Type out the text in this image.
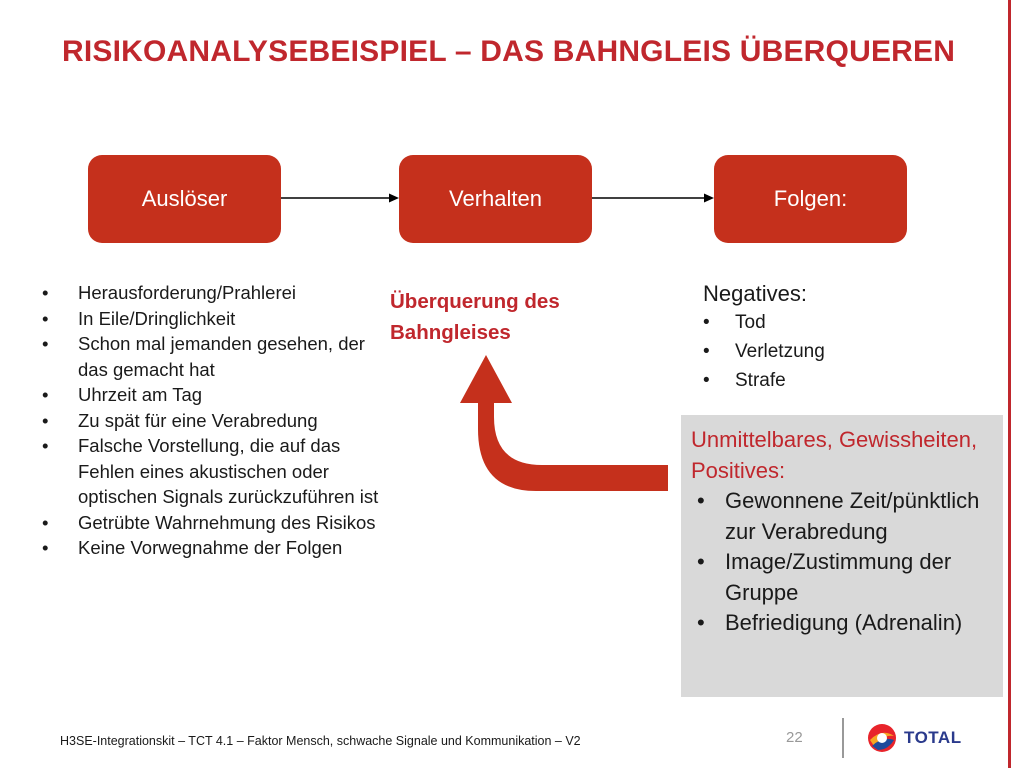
RISIKOANALYSEBEISPIEL – DAS BAHNGLEIS ÜBERQUEREN
Auslöser	Verhalten	Folgen:
• Herausforderung/Prahlerei
• In Eile/Dringlichkeit
• Schon mal jemanden gesehen, der das gemacht hat
• Uhrzeit am Tag
• Zu spät für eine Verabredung
• Falsche Vorstellung, die auf das Fehlen eines akustischen oder optischen Signals zurückzuführen ist
• Getrübte Wahrnehmung des Risikos
• Keine Vorwegnahme der Folgen

Überquerung des Bahngleises

Negatives:

• Tod
• Verletzung
• Strafe

Unmittelbares, Gewissheiten, Positives:

• Gewonnene Zeit/pünktlich zur Verabredung
• Image/Zustimmung der Gruppe
• Befriedigung (Adrenalin)
H3SE-Integrationskit – TCT 4.1 – Faktor Mensch, schwache Signale und Kommunikation – V2	22	TOTAL
